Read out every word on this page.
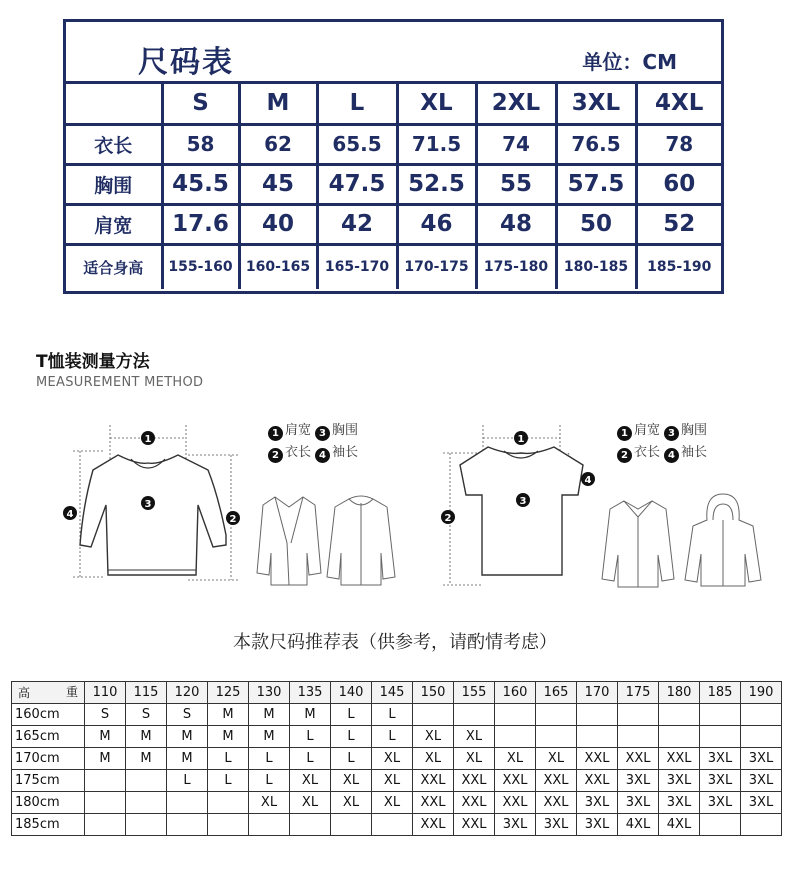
尺码表	单位：CM
	S	M	L	XL	2XL	3XL	4XL
衣长	58	62	65.5	71.5	74	76.5	78
胸围	45.5	45	47.5	52.5	55	57.5	60
肩宽	17.6	40	42	46	48	50	52
适合身高	155-160	160-165	165-170	170-175	175-180	180-185	185-190
T恤装测量方法
MEASUREMENT METHOD
1
3
4	2
1 肩宽 3 胸围
2 衣长 4 袖长
1
3
2
4
1 肩宽 3 胸围
2 衣长 4 袖长
本款尺码推荐表（供参考，请酌情考虑）
高 重	110	115	120	125	130	135	140	145	150	155	160	165	170	175	180	185	190
160cm	S	S	S	M	M	M	L	L									
165cm	M	M	M	M	M	L	L	L	XL	XL							
170cm	M	M	M	L	L	L	L	XL	XL	XL	XL	XL	XXL	XXL	XXL	3XL	3XL
175cm			L	L	L	XL	XL	XL	XXL	XXL	XXL	XXL	XXL	3XL	3XL	3XL	3XL
180cm					XL	XL	XL	XL	XXL	XXL	XXL	XXL	3XL	3XL	3XL	3XL	3XL
185cm									XXL	XXL	3XL	3XL	3XL	4XL	4XL		
